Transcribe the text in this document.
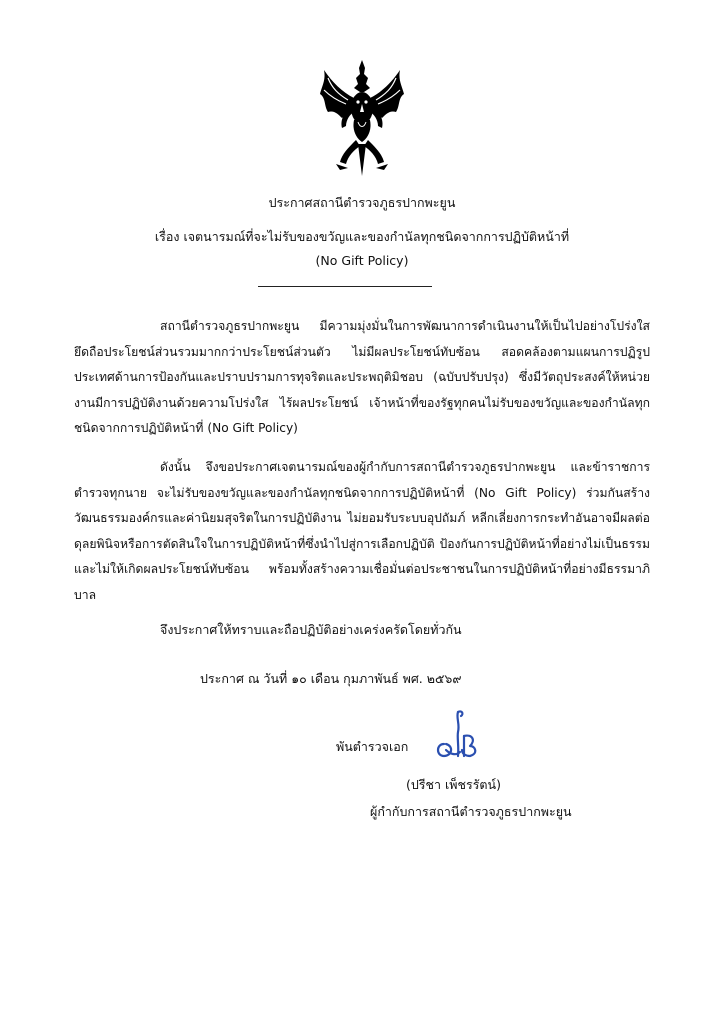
ประกาศสถานีตำรวจภูธรปากพะยูน
เรื่อง เจตนารมณ์ที่จะไม่รับของขวัญและของกำนัลทุกชนิดจากการปฏิบัติหน้าที่
(No Gift Policy)

สถานีตำรวจภูธรปากพะยูน มีความมุ่งมั่นในการพัฒนาการดำเนินงานให้เป็นไปอย่างโปร่งใส ยึดถือประโยชน์ส่วนรวมมากกว่าประโยชน์ส่วนตัว ไม่มีผลประโยชน์ทับซ้อน สอดคล้องตามแผนการปฏิรูปประเทศด้านการป้องกันและปราบปรามการทุจริตและประพฤติมิชอบ (ฉบับปรับปรุง) ซึ่งมีวัตถุประสงค์ให้หน่วยงานมีการปฏิบัติงานด้วยความโปร่งใส ไร้ผลประโยชน์ เจ้าหน้าที่ของรัฐทุกคนไม่รับของขวัญและของกำนัลทุกชนิดจากการปฏิบัติหน้าที่ (No Gift Policy)

ดังนั้น จึงขอประกาศเจตนารมณ์ของผู้กำกับการสถานีตำรวจภูธรปากพะยูน และข้าราชการตำรวจทุกนาย จะไม่รับของขวัญและของกำนัลทุกชนิดจากการปฏิบัติหน้าที่ (No Gift Policy) ร่วมกันสร้างวัฒนธรรมองค์กรและค่านิยมสุจริตในการปฏิบัติงาน ไม่ยอมรับระบบอุปถัมภ์ หลีกเลี่ยงการกระทำอันอาจมีผลต่อดุลยพินิจหรือการตัดสินใจในการปฏิบัติหน้าที่ซึ่งนำไปสู่การเลือกปฏิบัติ ป้องกันการปฏิบัติหน้าที่อย่างไม่เป็นธรรม และไม่ให้เกิดผลประโยชน์ทับซ้อน พร้อมทั้งสร้างความเชื่อมั่นต่อประชาชนในการปฏิบัติหน้าที่อย่างมีธรรมาภิบาล

จึงประกาศให้ทราบและถือปฏิบัติอย่างเคร่งครัดโดยทั่วกัน
ประกาศ ณ วันที่ ๑๐ เดือน กุมภาพันธ์ พศ. ๒๕๖๙
พันตำรวจเอก
(ปรีชา เพ็ชรรัตน์)
ผู้กำกับการสถานีตำรวจภูธรปากพะยูน
